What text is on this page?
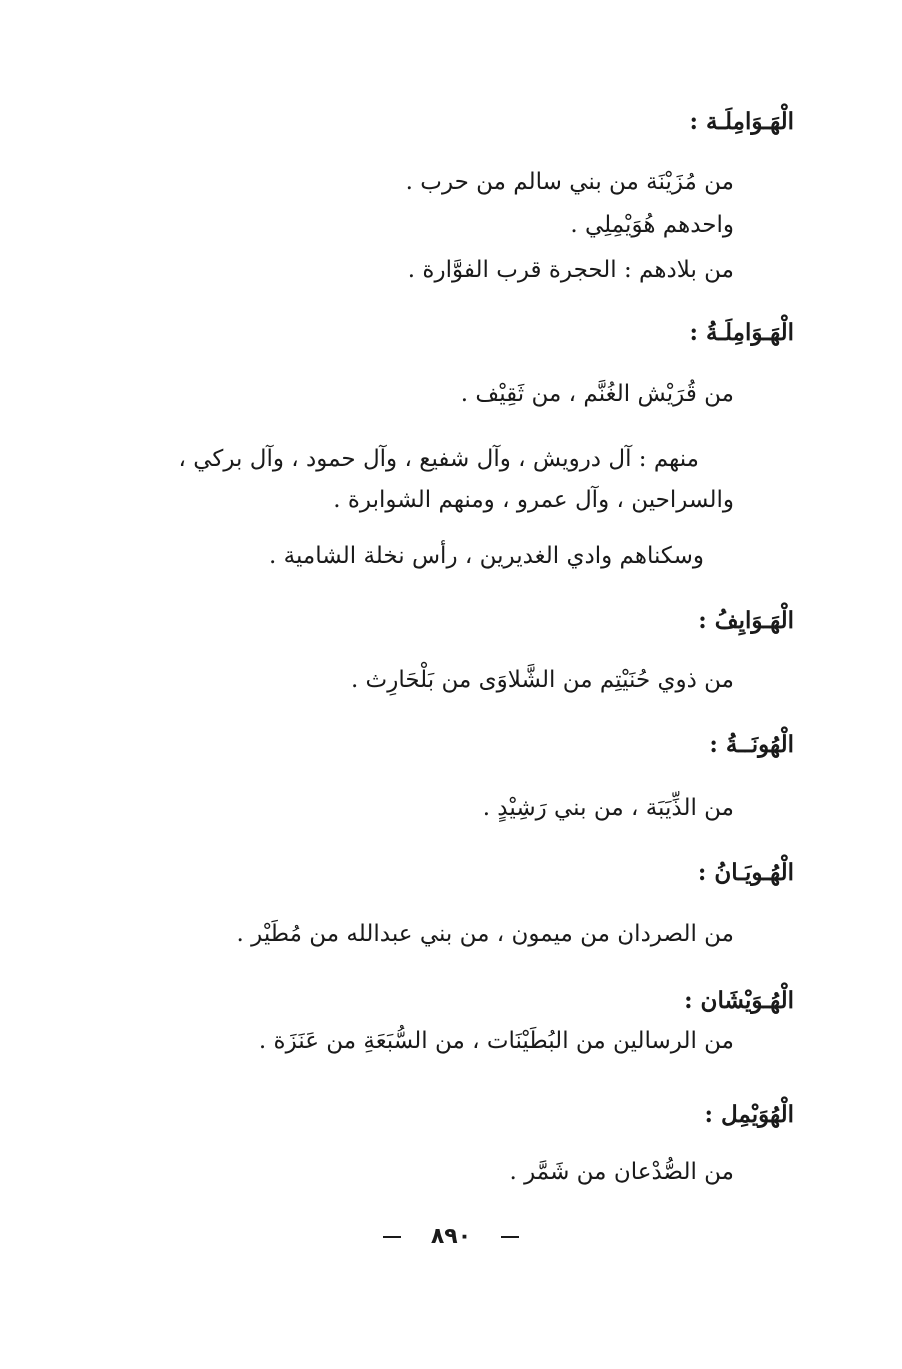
الْهَـوَامِلَـة :

من مُزَيْنَة من بني سالم من حرب .

واحدهم هُوَيْمِلِي .

من بلادهم : الحجرة قرب الفوَّارة .

الْهَـوَامِلَـةُ :

من قُرَيْش الغُنَّم ، من ثَقِيْف .

منهم : آل درويش ، وآل شفيع ، وآل حمود ، وآل بركي ،

والسراحين ، وآل عمرو ، ومنهم الشوابرة .

وسكناهم وادي الغديرين ، رأس نخلة الشامية .

الْهَـوَايِفُ :

من ذوي حُنَيْتِم من الشَّلاوَى من بَلْحَارِث .

الْهُونَــةُ :

من الذِّيَبَة ، من بني رَشِيْدٍ .

الْهُـويَـانُ :

من الصردان من ميمون ، من بني عبدالله من مُطَيْر .

الْهُـوَيْشَان :

من الرسالين من البُطَيْنَات ، من السُّبَعَةِ من عَنَزَة .

الْهُوَيْمِل :

من الصُّدْعان من شَمَّر .

٨٩٠
